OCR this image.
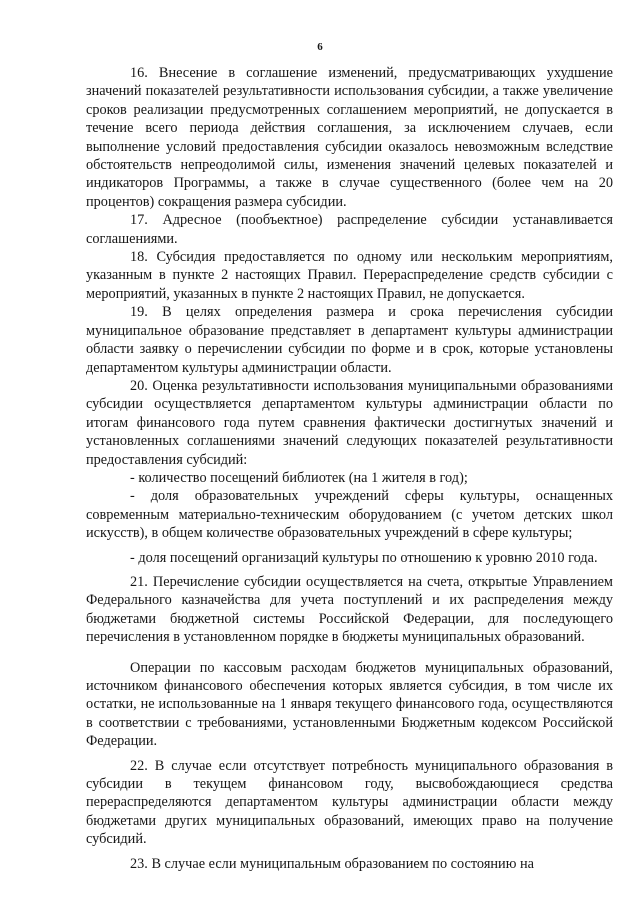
6

16. Внесение в соглашение изменений, предусматривающих ухудшение значений показателей результативности использования субсидии, а также увеличение сроков реализации предусмотренных соглашением мероприятий, не допускается в течение всего периода действия соглашения, за исключением случаев, если выполнение условий предоставления субсидии оказалось невозможным вследствие обстоятельств непреодолимой силы, изменения значений целевых показателей и индикаторов Программы, а также в случае существенного (более чем на 20 процентов) сокращения размера субсидии.

17. Адресное (пообъектное) распределение субсидии устанавливается соглашениями.

18. Субсидия предоставляется по одному или нескольким мероприятиям, указанным в пункте 2 настоящих Правил. Перераспределение средств субсидии с мероприятий, указанных в пункте 2 настоящих Правил, не допускается.

19. В целях определения размера и срока перечисления субсидии муниципальное образование представляет в департамент культуры администрации области заявку о перечислении субсидии по форме и в срок, которые установлены департаментом культуры администрации области.

20. Оценка результативности использования муниципальными образованиями субсидии осуществляется департаментом культуры администрации области по итогам финансового года путем сравнения фактически достигнутых значений и установленных соглашениями значений следующих показателей результативности предоставления субсидий:

- количество посещений библиотек (на 1 жителя в год);

- доля образовательных учреждений сферы культуры, оснащенных современным материально-техническим оборудованием (с учетом детских школ искусств), в общем количестве образовательных учреждений в сфере культуры;

- доля посещений организаций культуры по отношению к уровню 2010 года.

21. Перечисление субсидии осуществляется на счета, открытые Управлением Федерального казначейства для учета поступлений и их распределения между бюджетами бюджетной системы Российской Федерации, для последующего перечисления в установленном порядке в бюджеты муниципальных образований.

Операции по кассовым расходам бюджетов муниципальных образований, источником финансового обеспечения которых является субсидия, в том числе их остатки, не использованные на 1 января текущего финансового года, осуществляются в соответствии с требованиями, установленными Бюджетным кодексом Российской Федерации.

22. В случае если отсутствует потребность муниципального образования в субсидии в текущем финансовом году, высвобождающиеся средства перераспределяются департаментом культуры администрации области между бюджетами других муниципальных образований, имеющих право на получение субсидий.

23. В случае если муниципальным образованием по состоянию на
